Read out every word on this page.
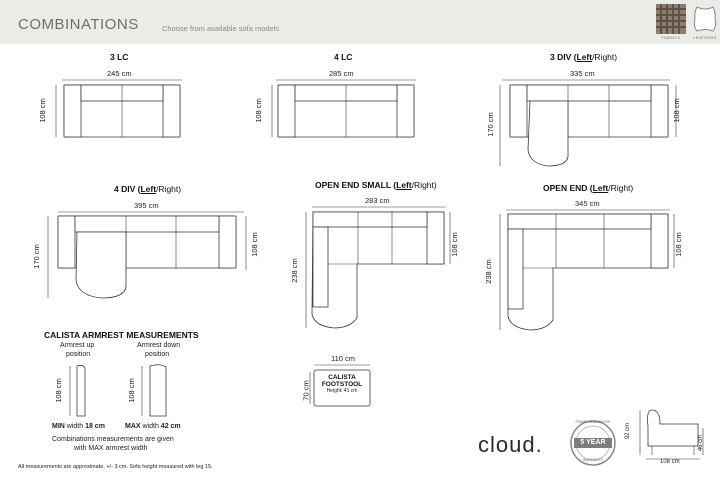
COMBINATIONS	Choose from available sofa models
FABRICS	LEATHERS
3 LC
245 cm
108 cm
4 LC
285 cm
108 cm
3 DIV (Left/Right)
335 cm
170 cm
108 cm
4 DIV (Left/Right)
395 cm
170 cm	108 cm
OPEN END SMALL (Left/Right)
283 cm
238 cm
108 cm
OPEN END (Left/Right)
345 cm
238 cm
108 cm
CALISTA ARMREST MEASUREMENTS
Armrest up
position
Armrest down
position
108 cm	108 cm
MIN width 18 cm	MAX width 42 cm
Combinations measurements are given
with MAX armrest width
110 cm
70 cm
CALISTA
FOOTSTOOL
Height: 41 cm
cloud.
FRAME GUARANTEE
5 YEAR
WARRANTY
92 cm
46 cm
108 cm
All measurements are approximate, +/- 3 cm. Sofa height measured with leg 15.
